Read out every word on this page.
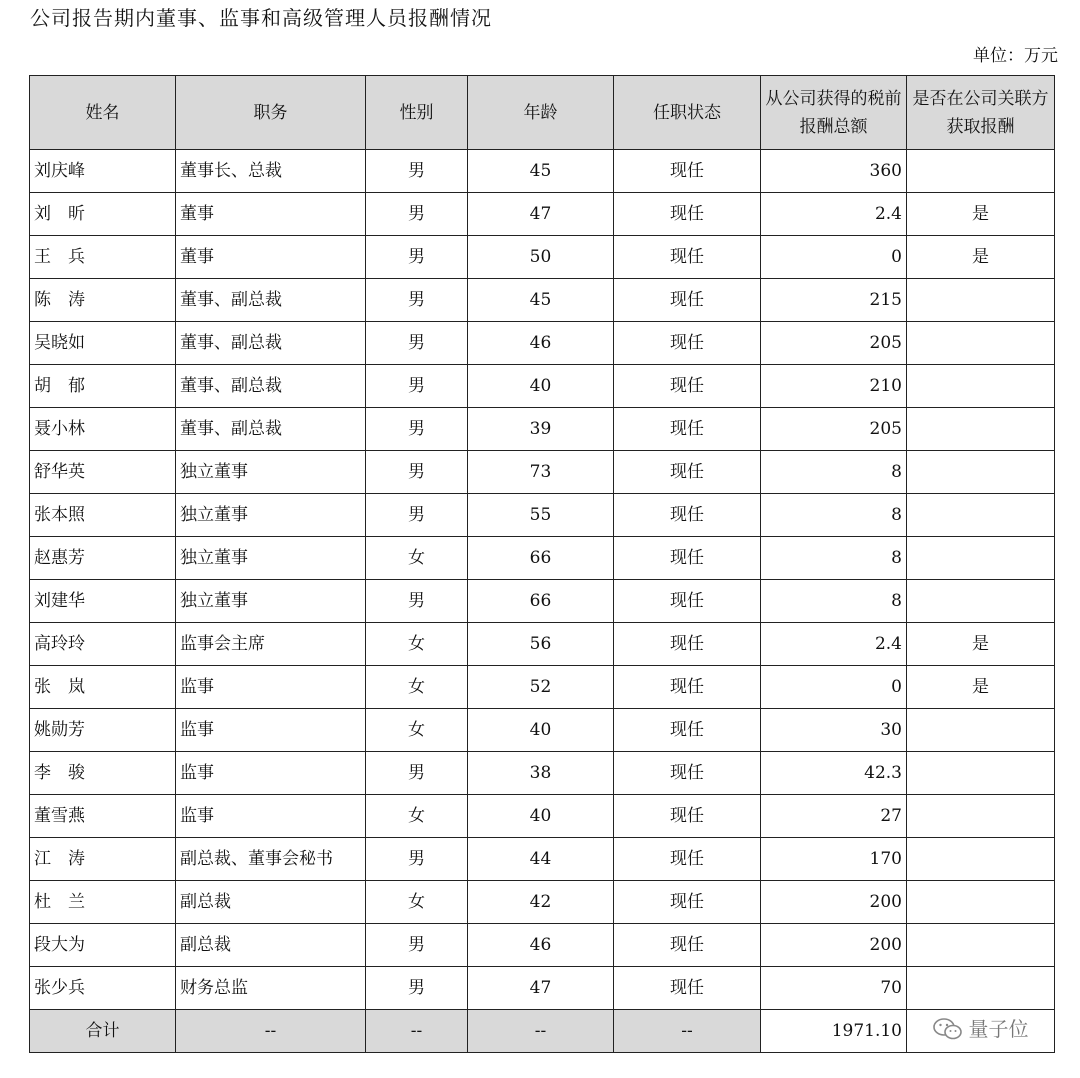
公司报告期内董事、监事和高级管理人员报酬情况
单位：万元
姓名	职务	性别	年龄	任职状态	从公司获得的税前报酬总额	是否在公司关联方获取报酬
刘庆峰	董事长、总裁	男	45	现任	360	
刘　昕	董事	男	47	现任	2.4	是
王　兵	董事	男	50	现任	0	是
陈　涛	董事、副总裁	男	45	现任	215	
吴晓如	董事、副总裁	男	46	现任	205	
胡　郁	董事、副总裁	男	40	现任	210	
聂小林	董事、副总裁	男	39	现任	205	
舒华英	独立董事	男	73	现任	8	
张本照	独立董事	男	55	现任	8	
赵惠芳	独立董事	女	66	现任	8	
刘建华	独立董事	男	66	现任	8	
高玲玲	监事会主席	女	56	现任	2.4	是
张　岚	监事	女	52	现任	0	是
姚勋芳	监事	女	40	现任	30	
李　骏	监事	男	38	现任	42.3	
董雪燕	监事	女	40	现任	27	
江　涛	副总裁、董事会秘书	男	44	现任	170	
杜　兰	副总裁	女	42	现任	200	
段大为	副总裁	男	46	现任	200	
张少兵	财务总监	男	47	现任	70	
合计	--	--	--	--	1971.10	量子位
